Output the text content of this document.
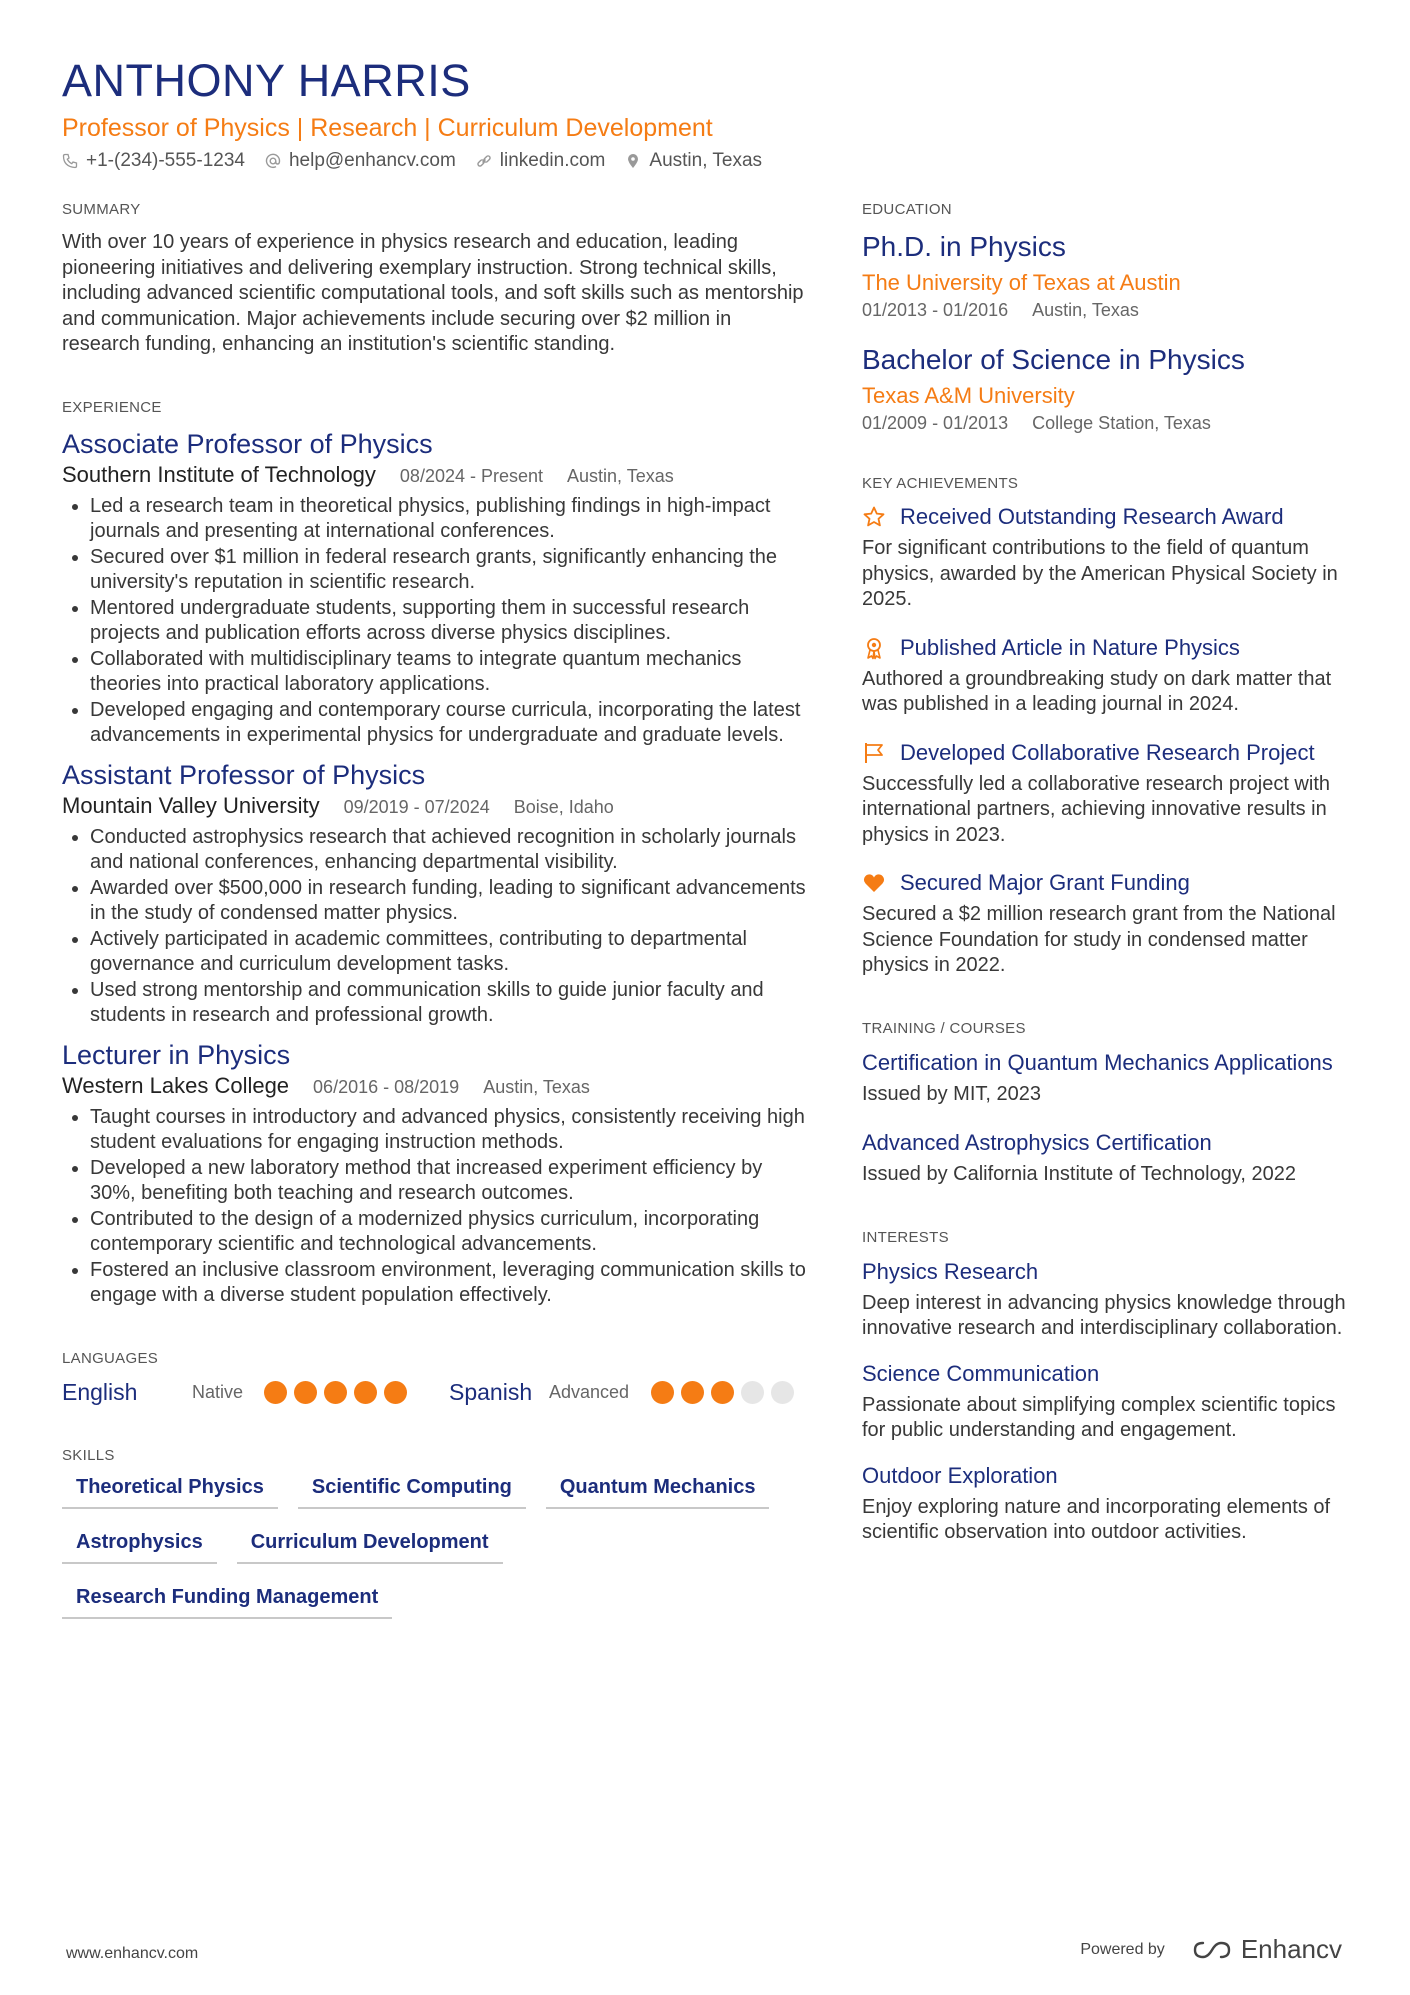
ANTHONY HARRIS
Professor of Physics | Research | Curriculum Development
+1-(234)-555-1234 help@enhancv.com linkedin.com Austin, Texas
SUMMARY
With over 10 years of experience in physics research and education, leading pioneering initiatives and delivering exemplary instruction. Strong technical skills, including advanced scientific computational tools, and soft skills such as mentorship and communication. Major achievements include securing over $2 million in research funding, enhancing an institution's scientific standing.
EXPERIENCE
Associate Professor of Physics
Southern Institute of Technology 08/2024 - Present Austin, Texas
• Led a research team in theoretical physics, publishing findings in high-impact journals and presenting at international conferences.
• Secured over $1 million in federal research grants, significantly enhancing the university's reputation in scientific research.
• Mentored undergraduate students, supporting them in successful research projects and publication efforts across diverse physics disciplines.
• Collaborated with multidisciplinary teams to integrate quantum mechanics theories into practical laboratory applications.
• Developed engaging and contemporary course curricula, incorporating the latest advancements in experimental physics for undergraduate and graduate levels.
Assistant Professor of Physics
Mountain Valley University 09/2019 - 07/2024 Boise, Idaho
• Conducted astrophysics research that achieved recognition in scholarly journals and national conferences, enhancing departmental visibility.
• Awarded over $500,000 in research funding, leading to significant advancements in the study of condensed matter physics.
• Actively participated in academic committees, contributing to departmental governance and curriculum development tasks.
• Used strong mentorship and communication skills to guide junior faculty and students in research and professional growth.
Lecturer in Physics
Western Lakes College 06/2016 - 08/2019 Austin, Texas
• Taught courses in introductory and advanced physics, consistently receiving high student evaluations for engaging instruction methods.
• Developed a new laboratory method that increased experiment efficiency by 30%, benefiting both teaching and research outcomes.
• Contributed to the design of a modernized physics curriculum, incorporating contemporary scientific and technological advancements.
• Fostered an inclusive classroom environment, leveraging communication skills to engage with a diverse student population effectively.
LANGUAGES
English	Native	Spanish Advanced
SKILLS
Theoretical Physics	Scientific Computing	Quantum Mechanics
Astrophysics	Curriculum Development
Research Funding Management
EDUCATION
Ph.D. in Physics
The University of Texas at Austin
01/2013 - 01/2016 Austin, Texas
Bachelor of Science in Physics
Texas A&M University
01/2009 - 01/2013 College Station, Texas
KEY ACHIEVEMENTS
Received Outstanding Research Award
For significant contributions to the field of quantum physics, awarded by the American Physical Society in 2025.
Published Article in Nature Physics
Authored a groundbreaking study on dark matter that was published in a leading journal in 2024.
Developed Collaborative Research Project
Successfully led a collaborative research project with international partners, achieving innovative results in physics in 2023.
Secured Major Grant Funding
Secured a $2 million research grant from the National Science Foundation for study in condensed matter physics in 2022.
TRAINING / COURSES
Certification in Quantum Mechanics Applications
Issued by MIT, 2023
Advanced Astrophysics Certification
Issued by California Institute of Technology, 2022
INTERESTS
Physics Research
Deep interest in advancing physics knowledge through innovative research and interdisciplinary collaboration.
Science Communication
Passionate about simplifying complex scientific topics for public understanding and engagement.
Outdoor Exploration
Enjoy exploring nature and incorporating elements of scientific observation into outdoor activities.
www.enhancv.com	Powered by	Enhancv
